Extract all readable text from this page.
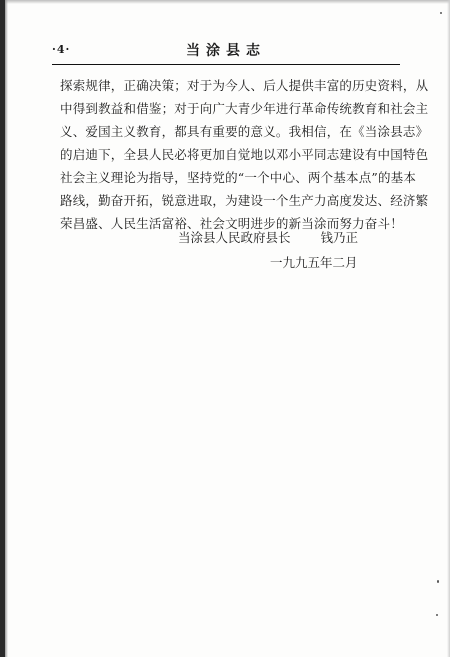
·4·	当涂县志
探索规律，正确决策；对于为今人、后人提供丰富的历史资料，从
中得到教益和借鉴；对于向广大青少年进行革命传统教育和社会主
义、爱国主义教育，都具有重要的意义。我相信，在《当涂县志》
的启迪下，全县人民必将更加自觉地以邓小平同志建设有中国特色
社会主义理论为指导，坚持党的“一个中心、两个基本点”的基本
路线，勤奋开拓，锐意进取，为建设一个生产力高度发达、经济繁
荣昌盛、人民生活富裕、社会文明进步的新当涂而努力奋斗！
当涂县人民政府县长 钱乃正
一九九五年二月
